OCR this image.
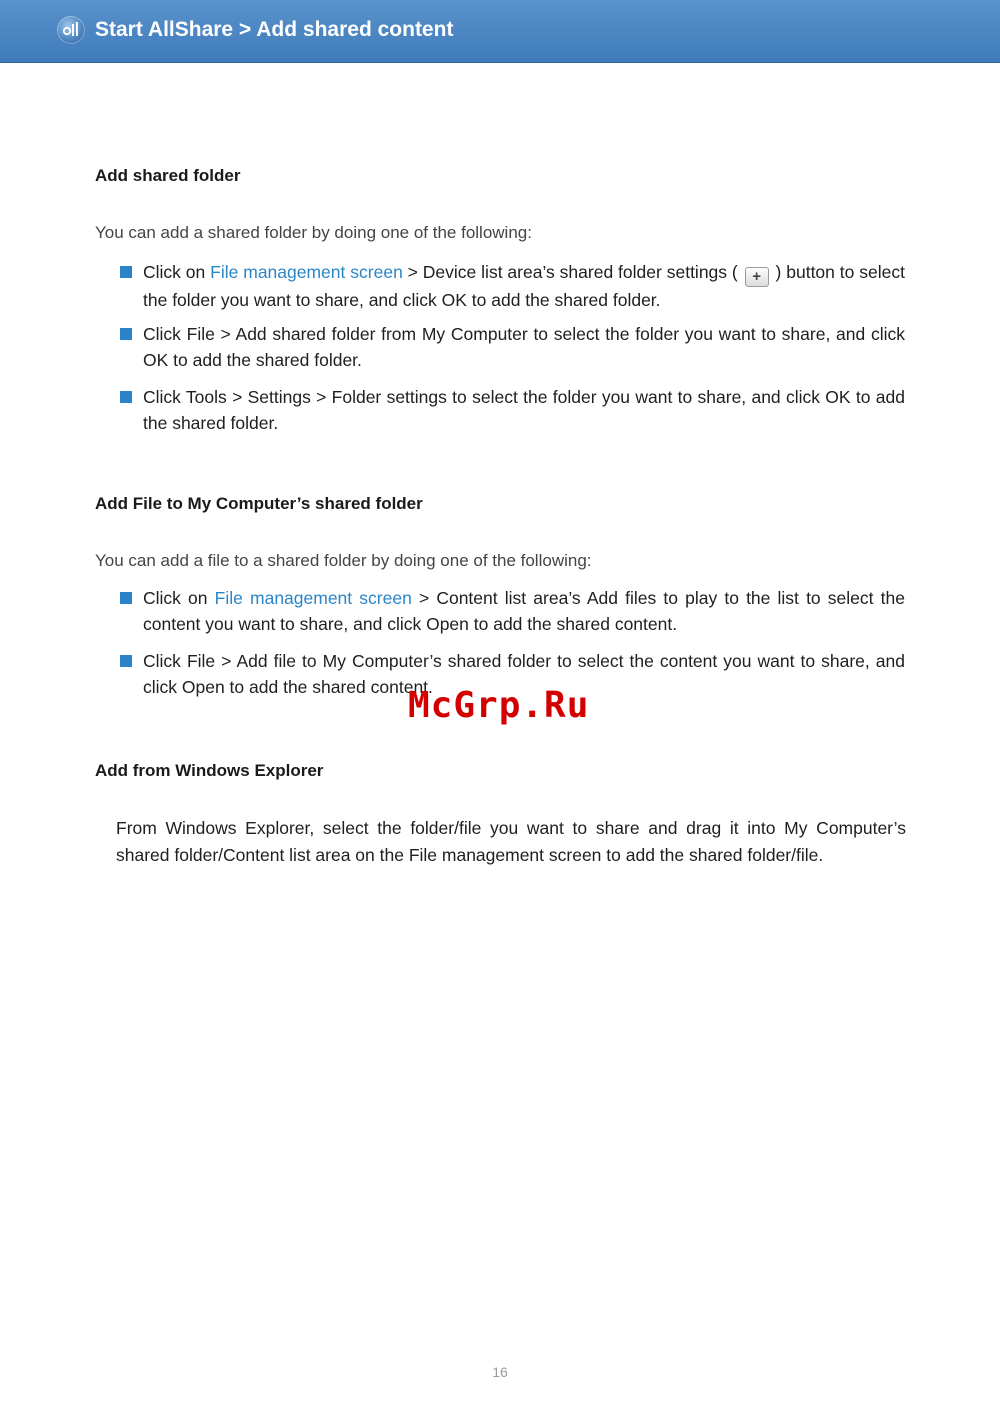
Start AllShare > Add shared content
Add shared folder
You can add a shared folder by doing one of the following:
Click on File management screen > Device list area’s shared folder settings ( + ) button to select the folder you want to share, and click OK to add the shared folder.
Click File > Add shared folder from My Computer to select the folder you want to share, and click OK to add the shared folder.
Click Tools > Settings > Folder settings to select the folder you want to share, and click OK to add the shared folder.
Add File to My Computer’s shared folder
You can add a file to a shared folder by doing one of the following:
Click on File management screen > Content list area’s Add files to play to the list to select the content you want to share, and click Open to add the shared content.
Click File > Add file to My Computer’s shared folder to select the content you want to share, and click Open to add the shared content.
Add from Windows Explorer
From Windows Explorer, select the folder/file you want to share and drag it into My Computer’s shared folder/Content list area on the File management screen to add the shared folder/file.
McGrp.Ru
16
